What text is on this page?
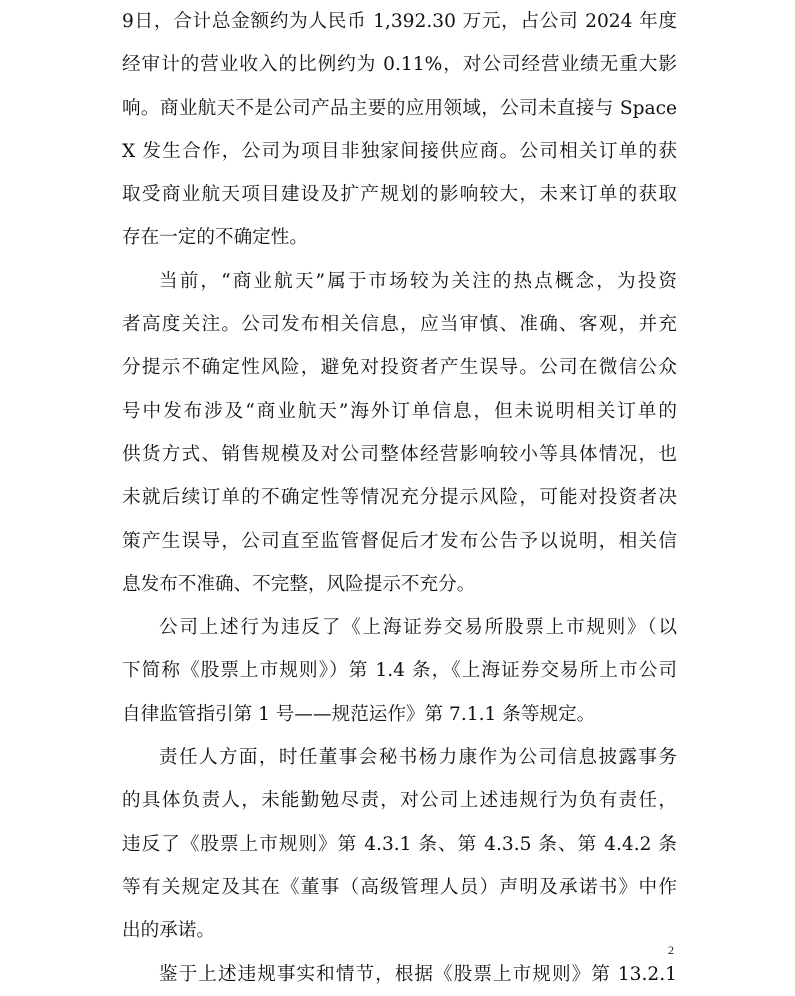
9日，合计总金额约为人民币 1,392.30 万元，占公司 2024 年度
经审计的营业收入的比例约为 0.11%，对公司经营业绩无重大影
响。商业航天不是公司产品主要的应用领域，公司未直接与 Space
X 发生合作，公司为项目非独家间接供应商。公司相关订单的获
取受商业航天项目建设及扩产规划的影响较大，未来订单的获取
存在一定的不确定性。
当前，“商业航天”属于市场较为关注的热点概念，为投资
者高度关注。公司发布相关信息，应当审慎、准确、客观，并充
分提示不确定性风险，避免对投资者产生误导。公司在微信公众
号中发布涉及“商业航天”海外订单信息，但未说明相关订单的
供货方式、销售规模及对公司整体经营影响较小等具体情况，也
未就后续订单的不确定性等情况充分提示风险，可能对投资者决
策产生误导，公司直至监管督促后才发布公告予以说明，相关信
息发布不准确、不完整，风险提示不充分。
公司上述行为违反了《上海证券交易所股票上市规则》（以
下简称《股票上市规则》）第 1.4 条，《上海证券交易所上市公司
自律监管指引第 1 号——规范运作》第 7.1.1 条等规定。
责任人方面，时任董事会秘书杨力康作为公司信息披露事务
的具体负责人，未能勤勉尽责，对公司上述违规行为负有责任，
违反了《股票上市规则》第 4.3.1 条、第 4.3.5 条、第 4.4.2 条
等有关规定及其在《董事（高级管理人员）声明及承诺书》中作
出的承诺。
鉴于上述违规事实和情节，根据《股票上市规则》第 13.2.1
2
